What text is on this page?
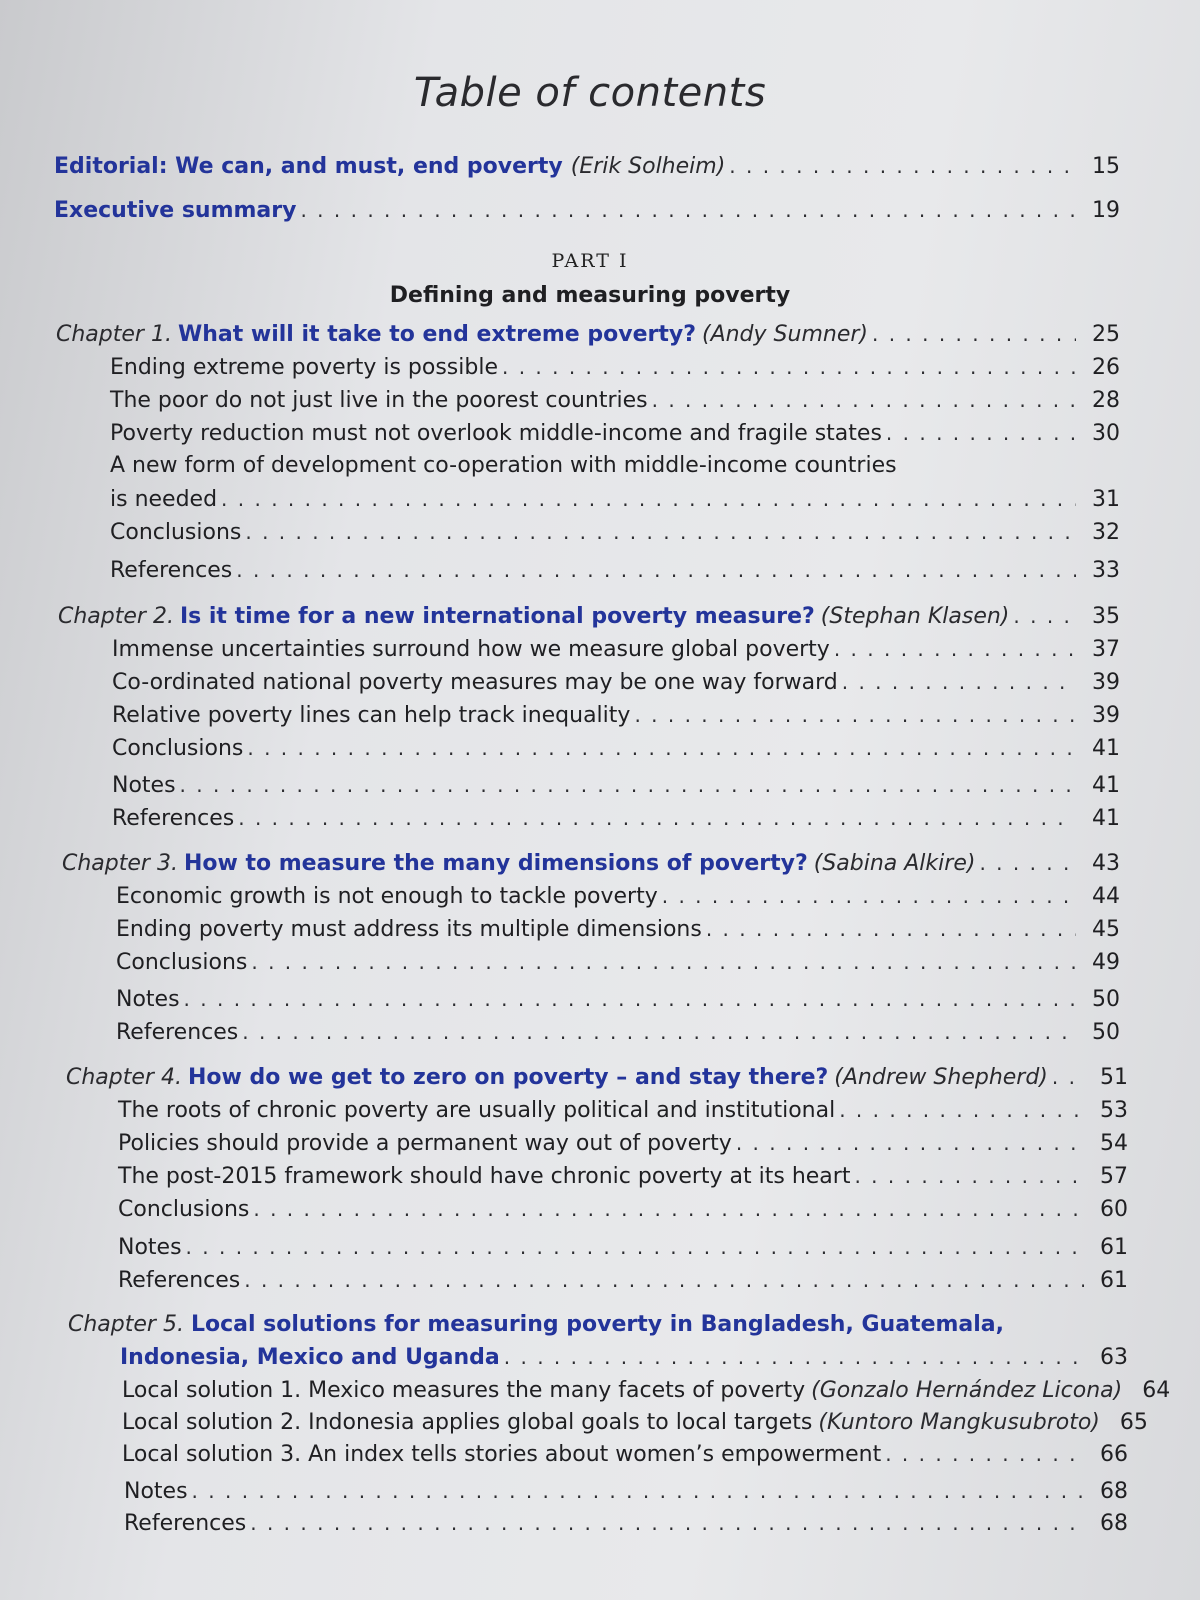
Table of contents
Editorial: We can, and must, end poverty (Erik Solheim) . . .	15
Executive summary . . .	19
PART I
Defining and measuring poverty
Chapter 1. What will it take to end extreme poverty? (Andy Sumner) . . .	25
Ending extreme poverty is possible . . .	26
The poor do not just live in the poorest countries . . .	28
Poverty reduction must not overlook middle-income and fragile states . . .	30
A new form of development co-operation with middle-income countries
is needed . . .	31
Conclusions . . .	32
References . . .	33
Chapter 2. Is it time for a new international poverty measure? (Stephan Klasen) . . .	35
Immense uncertainties surround how we measure global poverty . . .	37
Co-ordinated national poverty measures may be one way forward . . .	39
Relative poverty lines can help track inequality . . .	39
Conclusions . . .	41
Notes . . .	41
References . . .	41
Chapter 3. How to measure the many dimensions of poverty? (Sabina Alkire) . . .	43
Economic growth is not enough to tackle poverty . . .	44
Ending poverty must address its multiple dimensions . . .	45
Conclusions . . .	49
Notes . . .	50
References . . .	50
Chapter 4. How do we get to zero on poverty – and stay there? (Andrew Shepherd) . . .	51
The roots of chronic poverty are usually political and institutional . . .	53
Policies should provide a permanent way out of poverty . . .	54
The post-2015 framework should have chronic poverty at its heart . . .	57
Conclusions . . .	60
Notes . . .	61
References . . .	61
Chapter 5. Local solutions for measuring poverty in Bangladesh, Guatemala,
Indonesia, Mexico and Uganda . . .	63
Local solution 1. Mexico measures the many facets of poverty (Gonzalo Hernández Licona) 64
Local solution 2. Indonesia applies global goals to local targets (Kuntoro Mangkusubroto) 65
Local solution 3. An index tells stories about women’s empowerment . . .	66
Notes . . .	68
References . . .	68
